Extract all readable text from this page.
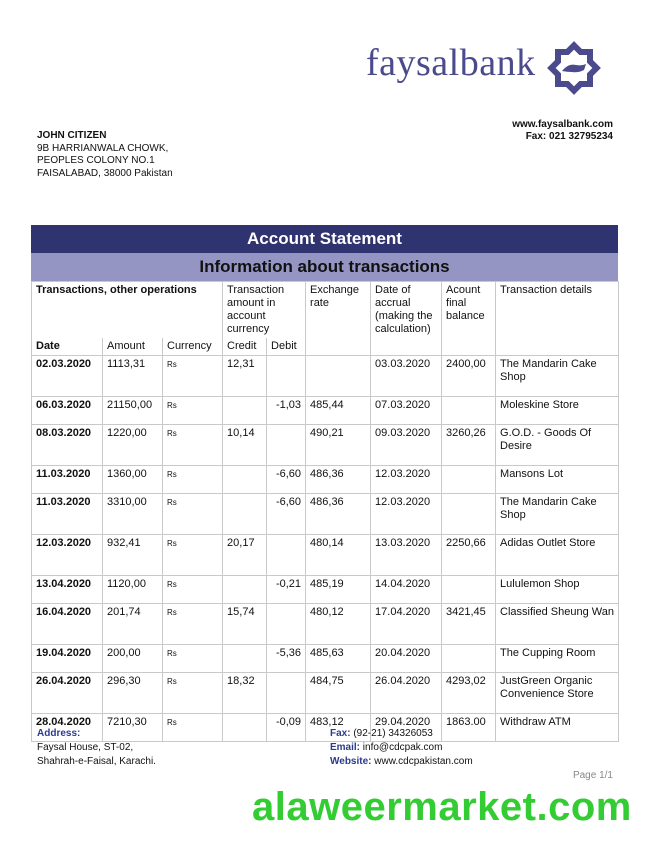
faysalbank
www.faysalbank.com
Fax: 021 32795234
JOHN CITIZEN
9B HARRIANWALA CHOWK,
PEOPLES COLONY NO.1
FAISALABAD, 38000 Pakistan
Account Statement
Information about transactions
Transactions, other operations			Transaction amount in account currency		Exchange rate	Date of accrual (making the calculation)	Acount final balance	Transaction details
Date	Amount	Currency	Credit	Debit				
02.03.2020	1113,31	Rs	12,31			03.03.2020	2400,00	The Mandarin Cake Shop
06.03.2020	21150,00	Rs		-1,03	485,44	07.03.2020		Moleskine Store
08.03.2020	1220,00	Rs	10,14		490,21	09.03.2020	3260,26	G.O.D. - Goods Of Desire
11.03.2020	1360,00	Rs		-6,60	486,36	12.03.2020		Mansons Lot
11.03.2020	3310,00	Rs		-6,60	486,36	12.03.2020		The Mandarin Cake Shop
12.03.2020	932,41	Rs	20,17		480,14	13.03.2020	2250,66	Adidas Outlet Store
13.04.2020	1120,00	Rs		-0,21	485,19	14.04.2020		Lululemon Shop
16.04.2020	201,74	Rs	15,74		480,12	17.04.2020	3421,45	Classified Sheung Wan
19.04.2020	200,00	Rs		-5,36	485,63	20.04.2020		The Cupping Room
26.04.2020	296,30	Rs	18,32		484,75	26.04.2020	4293,02	JustGreen Organic Convenience Store
28.04.2020	7210,30	Rs		-0,09	483,12	29.04.2020	1863.00	Withdraw ATM
Address:
Faysal House, ST-02,
Shahrah-e-Faisal, Karachi.
Fax: (92-21) 34326053
Email: info@cdcpak.com
Website: www.cdcpakistan.com
Page 1/1
alaweermarket.com
